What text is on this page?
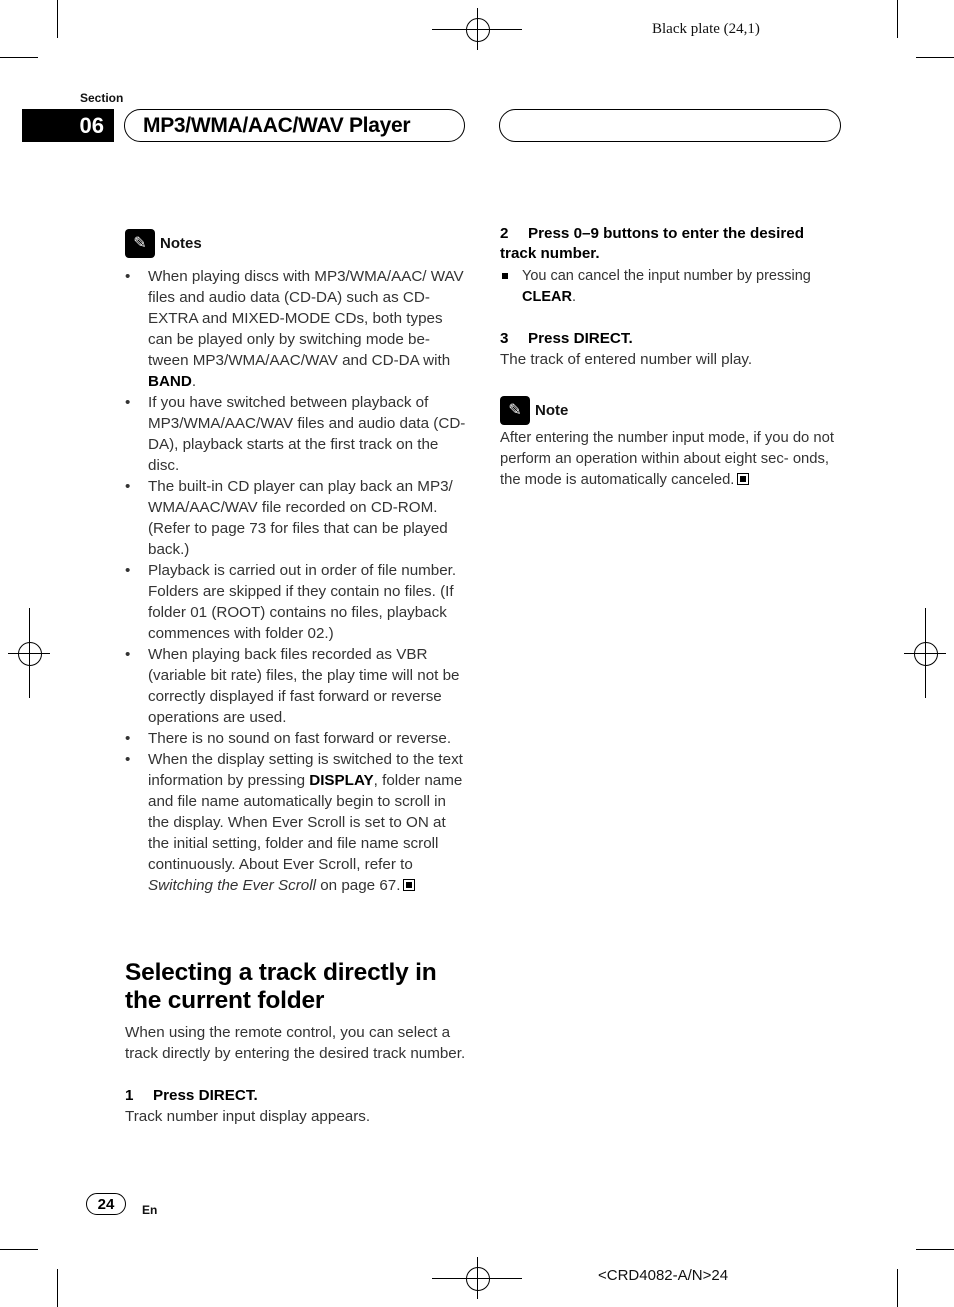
Black plate (24,1)
Section
06	MP3/WMA/AAC/WAV Player
✎ Notes
• When playing discs with MP3/WMA/AAC/ WAV files and audio data (CD-DA) such as CD-EXTRA and MIXED-MODE CDs, both types can be played only by switching mode be- tween MP3/WMA/AAC/WAV and CD-DA with BAND.
• If you have switched between playback of MP3/WMA/AAC/WAV files and audio data (CD-DA), playback starts at the first track on the disc.
• The built-in CD player can play back an MP3/ WMA/AAC/WAV file recorded on CD-ROM. (Refer to page 73 for files that can be played back.)
• Playback is carried out in order of file number. Folders are skipped if they contain no files. (If folder 01 (ROOT) contains no files, playback commences with folder 02.)
• When playing back files recorded as VBR (variable bit rate) files, the play time will not be correctly displayed if fast forward or reverse operations are used.
• There is no sound on fast forward or reverse.
• When the display setting is switched to the text information by pressing DISPLAY, folder name and file name automatically begin to scroll in the display. When Ever Scroll is set to ON at the initial setting, folder and file name scroll continuously. About Ever Scroll, refer to Switching the Ever Scroll on page 67.
Selecting a track directly in the current folder
When using the remote control, you can select a track directly by entering the desired track number.
1 Press DIRECT.
Track number input display appears.
2 Press 0–9 buttons to enter the desired track number.
You can cancel the input number by pressing CLEAR.
3 Press DIRECT.
The track of entered number will play.
✎ Note
After entering the number input mode, if you do not perform an operation within about eight sec- onds, the mode is automatically canceled.
24	En
<CRD4082-A/N>24
